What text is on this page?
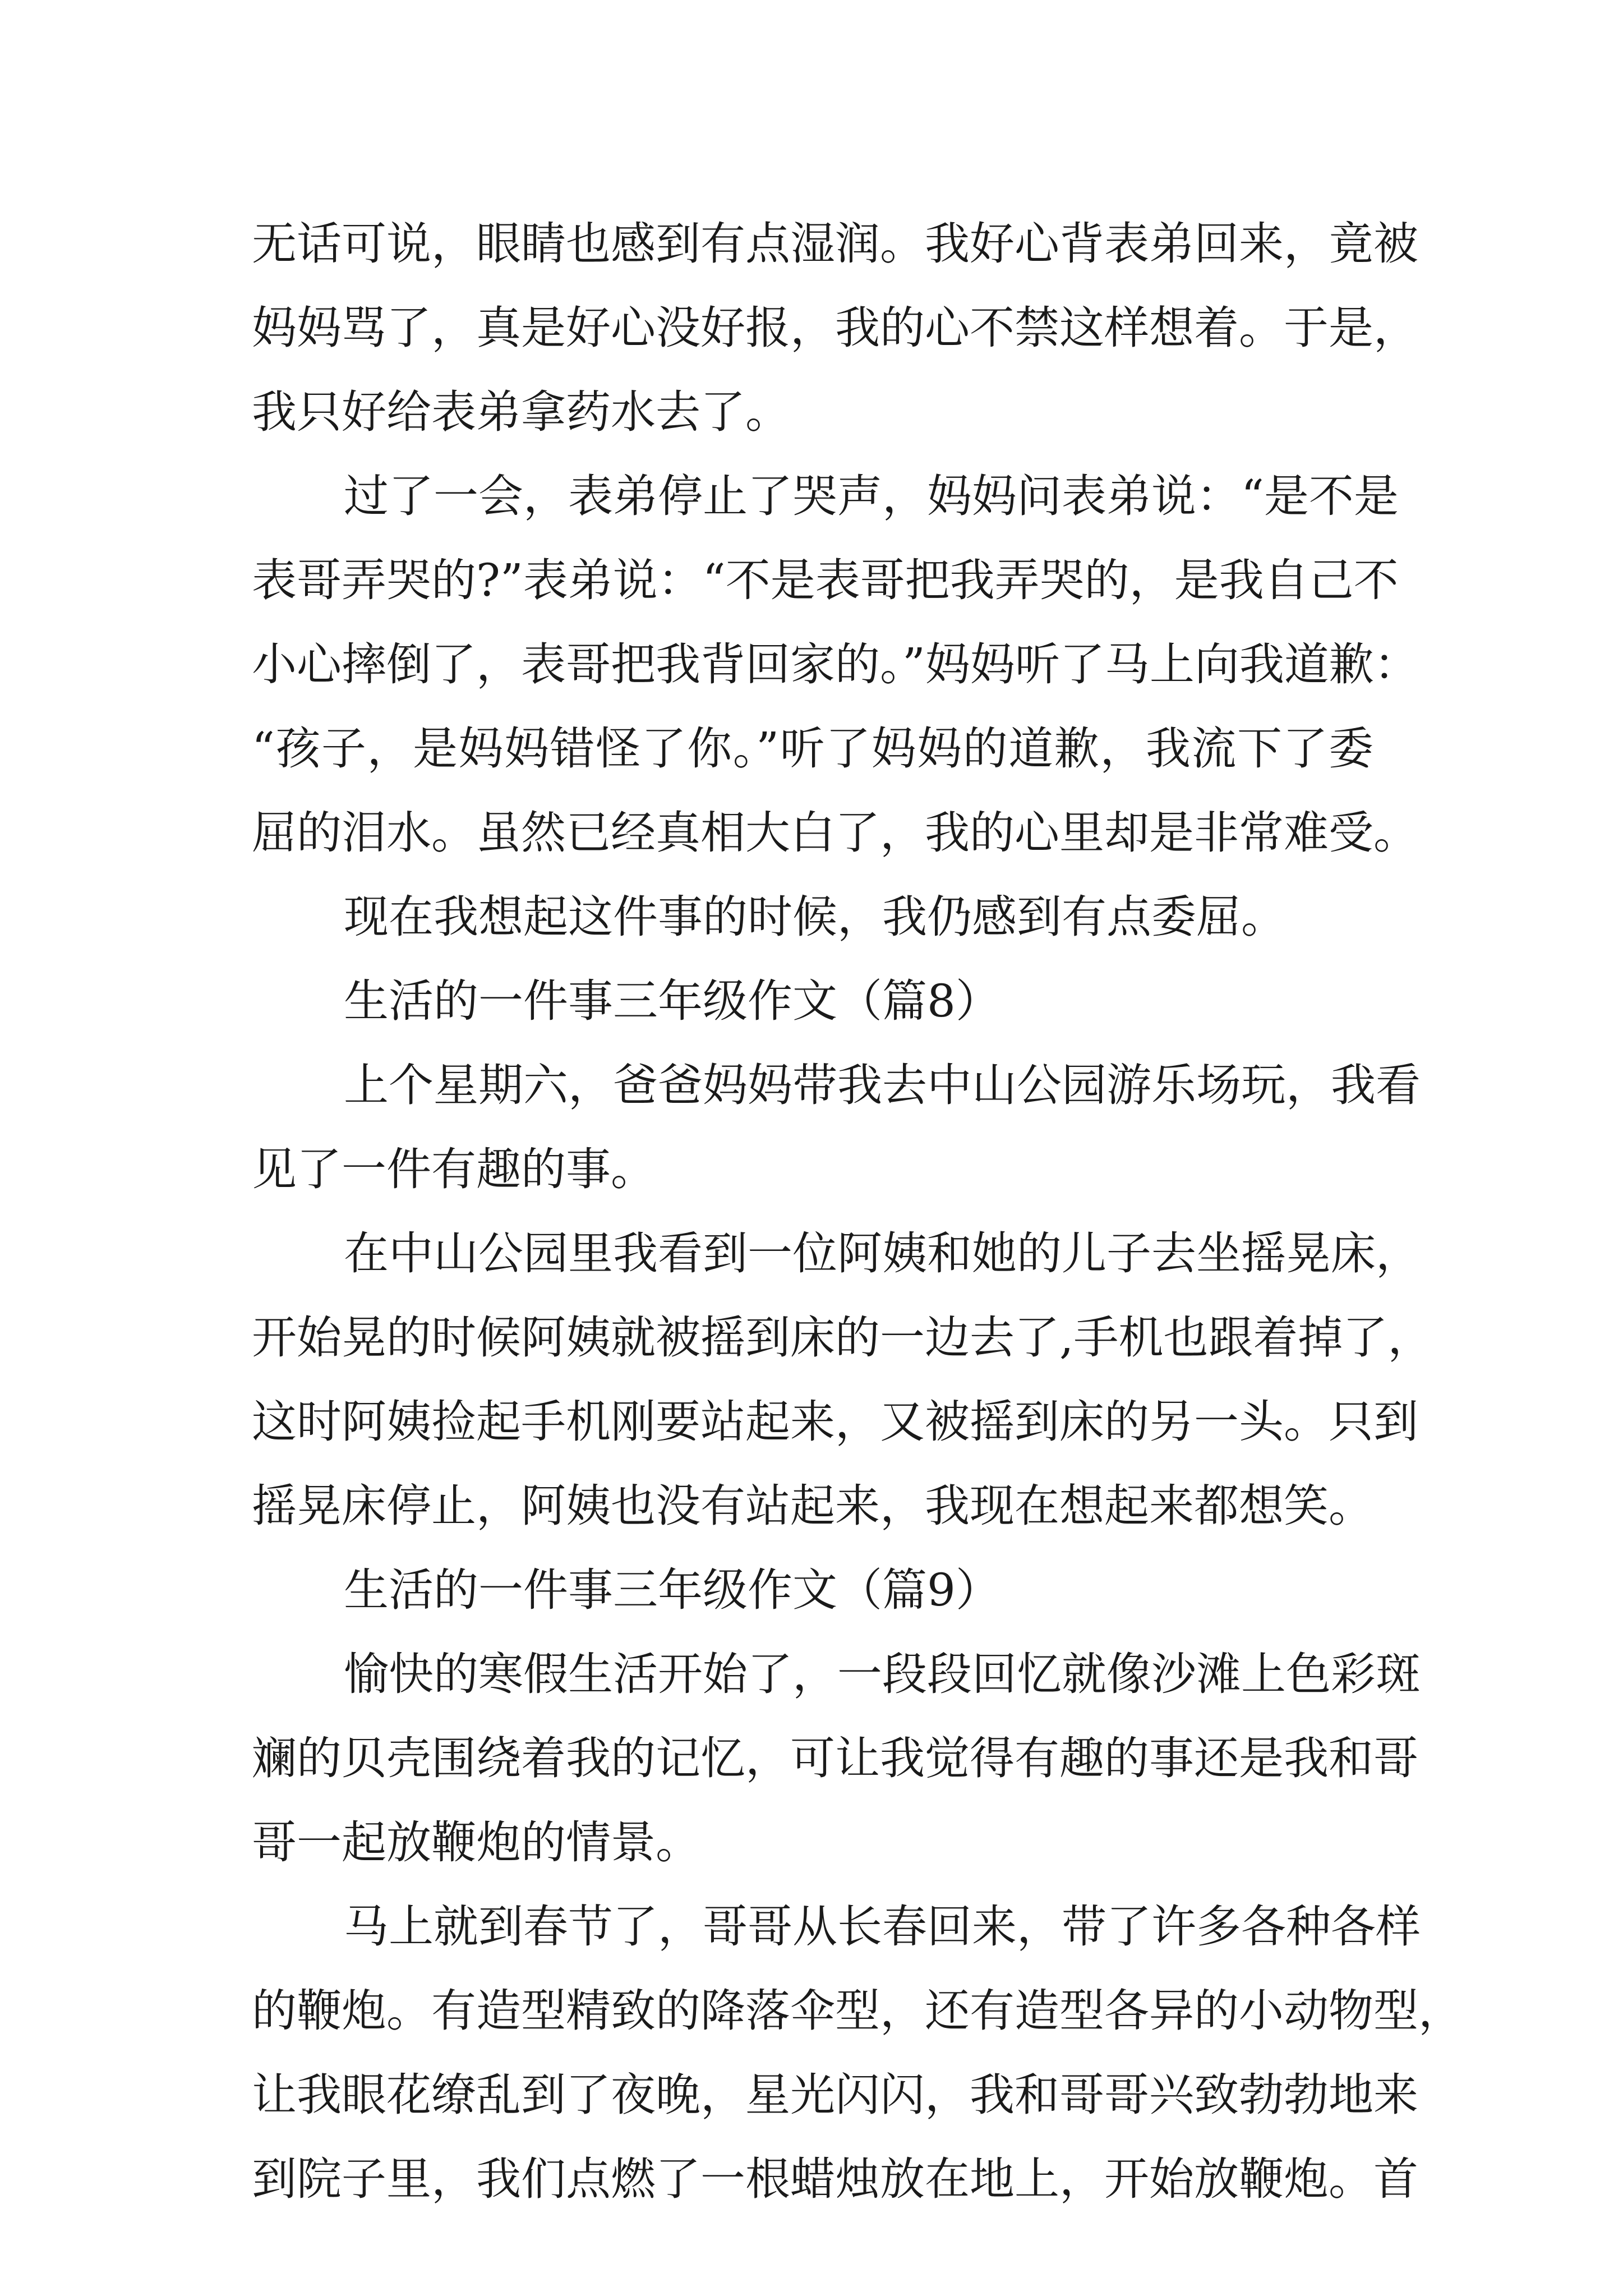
无话可说，眼睛也感到有点湿润。我好心背表弟回来，竟被
妈妈骂了，真是好心没好报，我的心不禁这样想着。于是，
我只好给表弟拿药水去了。
过了一会，表弟停止了哭声，妈妈问表弟说：“是不是
表哥弄哭的?”表弟说：“不是表哥把我弄哭的，是我自己不
小心摔倒了，表哥把我背回家的。”妈妈听了马上向我道歉：
“孩子，是妈妈错怪了你。”听了妈妈的道歉，我流下了委
屈的泪水。虽然已经真相大白了，我的心里却是非常难受。
现在我想起这件事的时候，我仍感到有点委屈。
生活的一件事三年级作文（篇8）
上个星期六，爸爸妈妈带我去中山公园游乐场玩，我看
见了一件有趣的事。
在中山公园里我看到一位阿姨和她的儿子去坐摇晃床，
开始晃的时候阿姨就被摇到床的一边去了,手机也跟着掉了，
这时阿姨捡起手机刚要站起来，又被摇到床的另一头。只到
摇晃床停止，阿姨也没有站起来，我现在想起来都想笑。
生活的一件事三年级作文（篇9）
愉快的寒假生活开始了，一段段回忆就像沙滩上色彩斑
斓的贝壳围绕着我的记忆，可让我觉得有趣的事还是我和哥
哥一起放鞭炮的情景。
马上就到春节了，哥哥从长春回来，带了许多各种各样
的鞭炮。有造型精致的降落伞型，还有造型各异的小动物型，
让我眼花缭乱到了夜晚，星光闪闪，我和哥哥兴致勃勃地来
到院子里，我们点燃了一根蜡烛放在地上，开始放鞭炮。首
